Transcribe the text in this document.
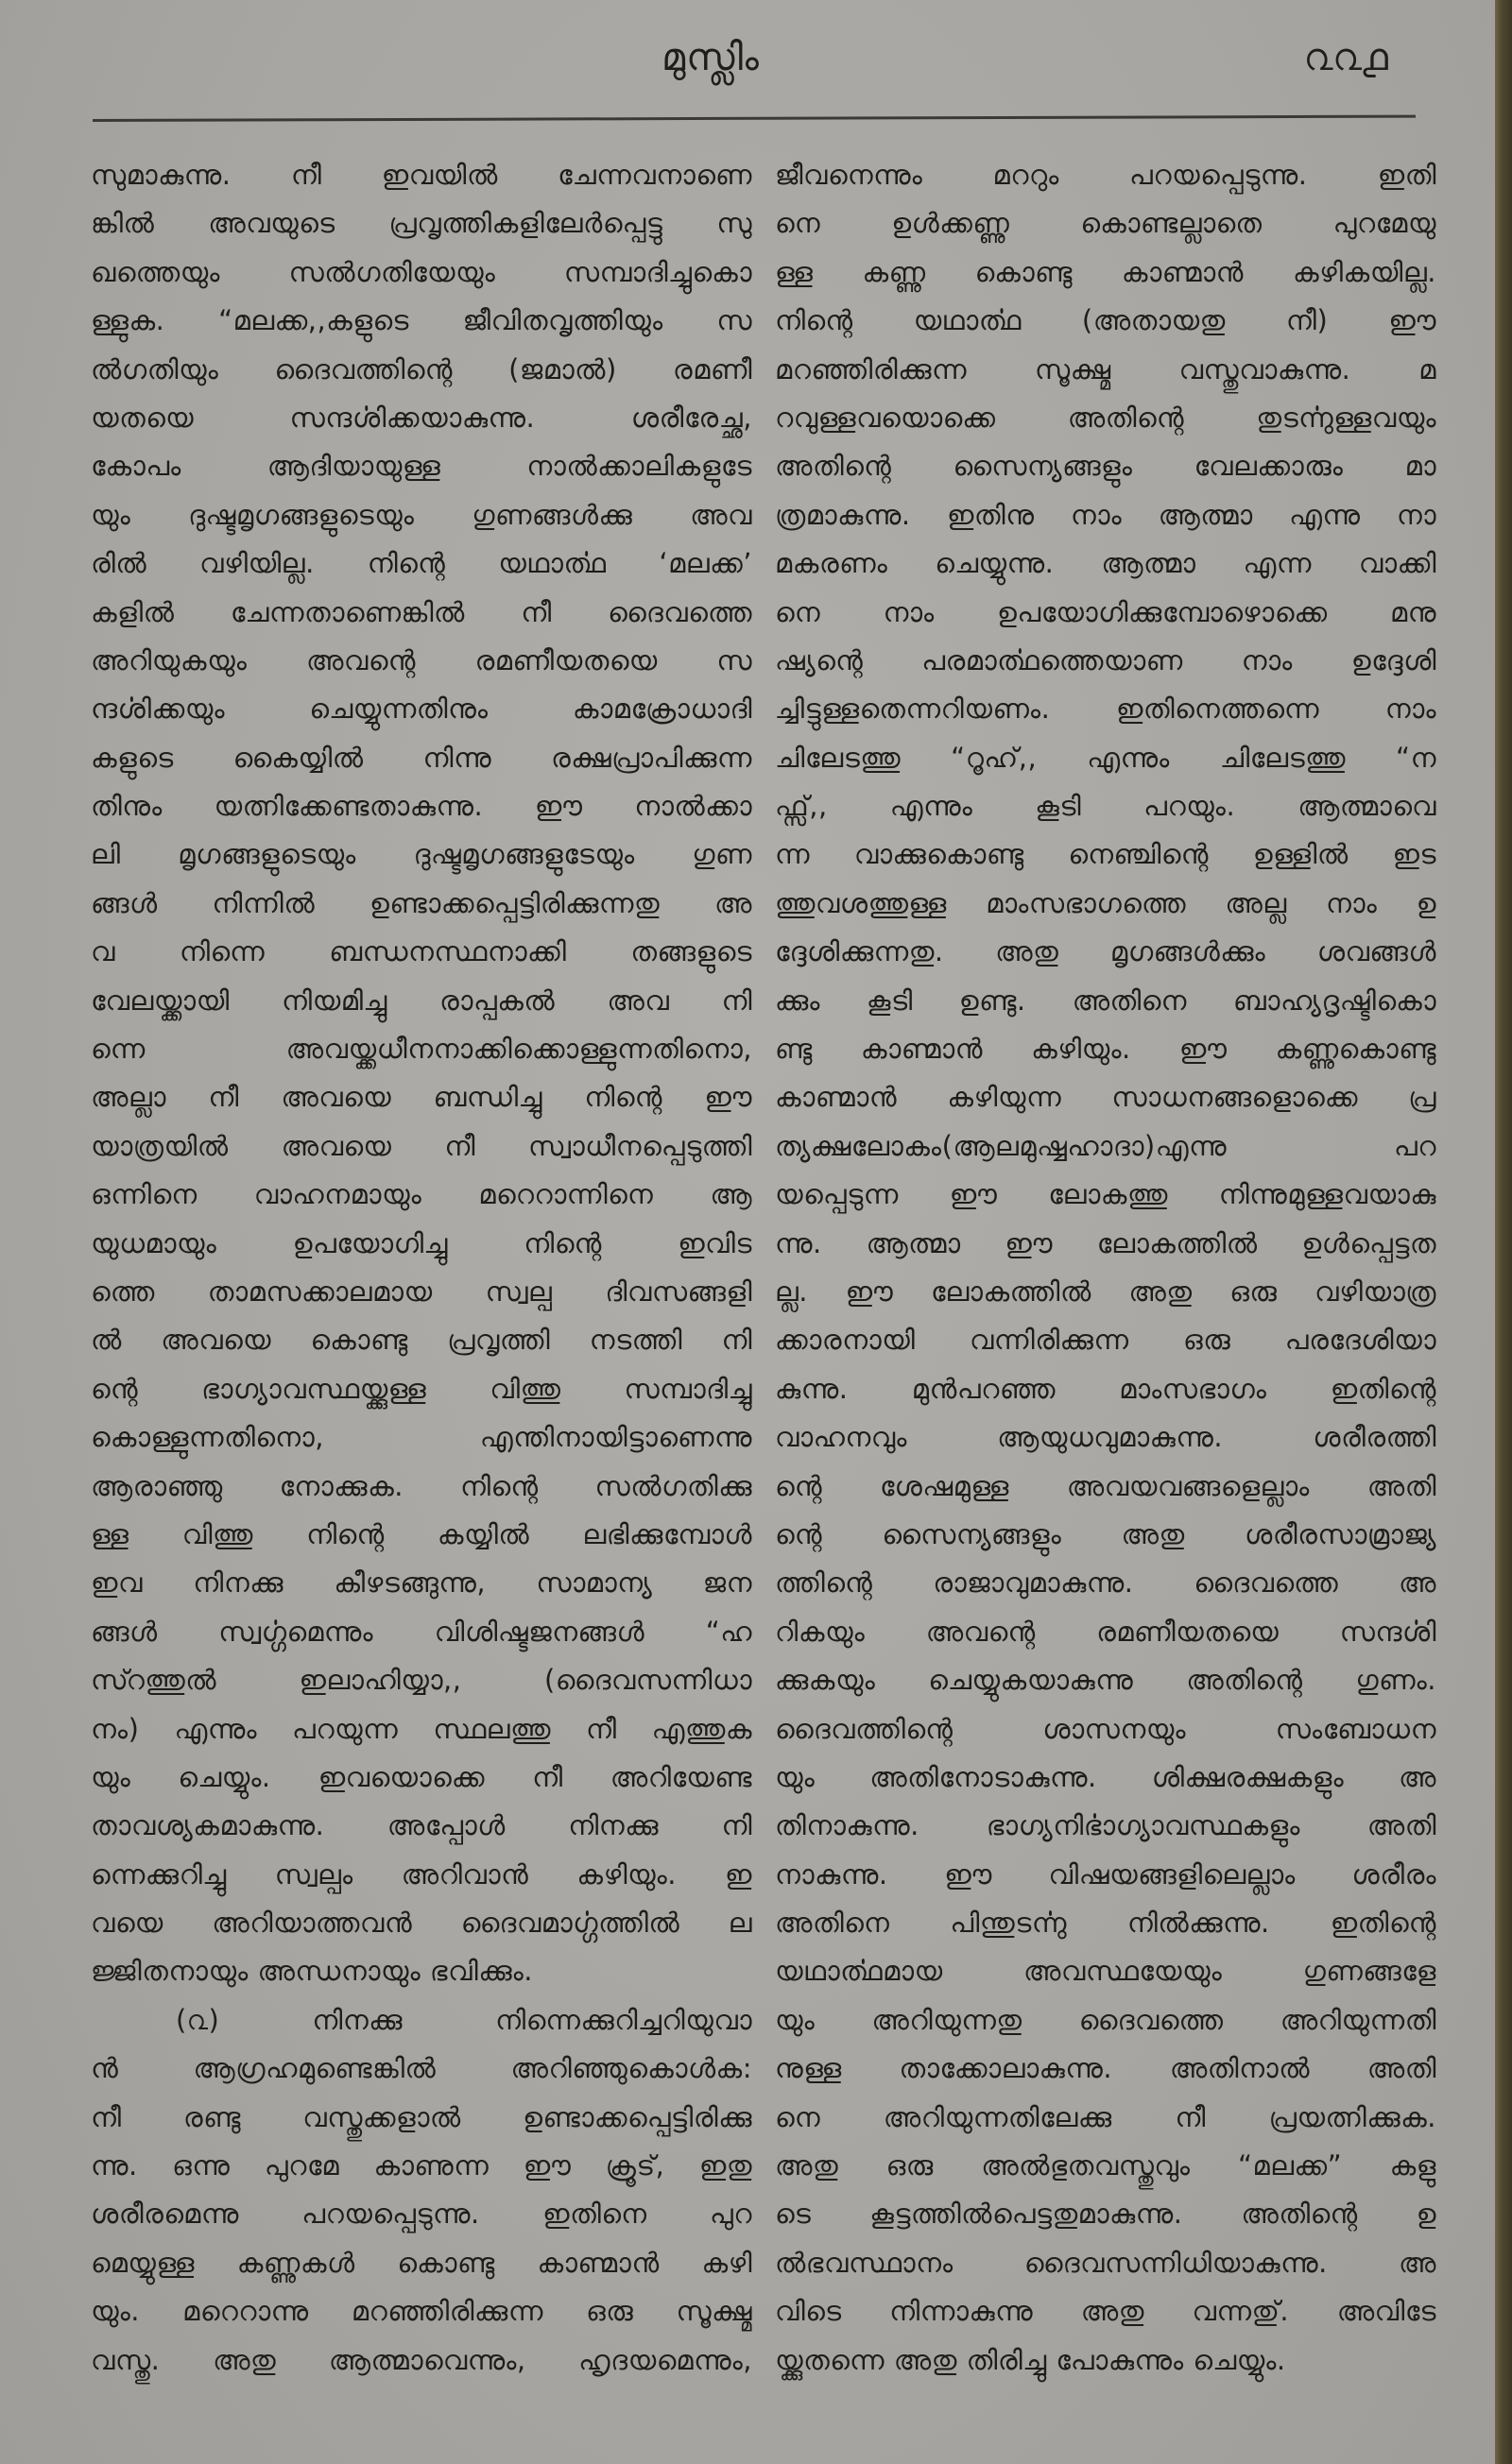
മുസ്ലിം	൨൨൧
സുമാകുന്നു. നീ ഇവയിൽ ചേന്നവനാണെ
ങ്കിൽ അവയുടെ പ്രവൃത്തികളിലേർപ്പെട്ടു സു
ഖത്തെയും സൽഗതിയേയും സമ്പാദിച്ചുകൊ
ള്ളുക. “മലക്ക,,കളുടെ ജീവിതവൃത്തിയും സ
ൽഗതിയും ദൈവത്തിന്റെ (ജമാൽ) രമണീ
യതയെ സന്ദൎശിക്കയാകുന്നു. ശരീരേച്ഛ,
കോപം ആദിയായുള്ള നാൽക്കാലികളുടേ
യും ദുഷ്ടമൃഗങ്ങളുടെയും ഗുണങ്ങൾക്കു അവ
രിൽ വഴിയില്ല. നിന്റെ യഥാൎത്ഥ ‘മലക്ക’
കളിൽ ചേന്നതാണെങ്കിൽ നീ ദൈവത്തെ
അറിയുകയും അവന്റെ രമണീയതയെ സ
ന്ദൎശിക്കയും ചെയ്യുന്നതിനും കാമക്രോധാദി
കളുടെ കൈയ്യിൽ നിന്നു രക്ഷപ്രാപിക്കുന്ന
തിനും യത്നിക്കേണ്ടതാകുന്നു. ഈ നാൽക്കാ
ലി മൃഗങ്ങളുടെയും ദുഷ്ടമൃഗങ്ങളുടേയും ഗുണ
ങ്ങൾ നിന്നിൽ ഉണ്ടാക്കപ്പെട്ടിരിക്കുന്നതു അ
വ നിന്നെ ബന്ധനസ്ഥനാക്കി തങ്ങളുടെ
വേലയ്ക്കായി നിയമിച്ചു രാപ്പകൽ അവ നി
ന്നെ അവയ്ക്കധീനനാക്കിക്കൊള്ളുന്നതിനൊ,
അല്ലാ നീ അവയെ ബന്ധിച്ചു നിന്റെ ഈ
യാത്രയിൽ അവയെ നീ സ്വാധീനപ്പെടുത്തി
ഒന്നിനെ വാഹനമായും മറെറാന്നിനെ ആ
യുധമായും ഉപയോഗിച്ചു നിന്റെ ഇവിട
ത്തെ താമസക്കാലമായ സ്വല്പ ദിവസങ്ങളി
ൽ അവയെ കൊണ്ടു പ്രവൃത്തി നടത്തി നി
ന്റെ ഭാഗ്യാവസ്ഥയ്ക്കുള്ള വിത്തു സമ്പാദിച്ചു
കൊള്ളുന്നതിനൊ, എന്തിനായിട്ടാണെന്നു
ആരാഞ്ഞു നോക്കുക. നിന്റെ സൽഗതിക്കു
ള്ള വിത്തു നിന്റെ കയ്യിൽ ലഭിക്കുമ്പോൾ
ഇവ നിനക്കു കീഴടങ്ങുന്നു, സാമാന്യ ജന
ങ്ങൾ സ്വൎഗ്ഗമെന്നും വിശിഷ്ടജനങ്ങൾ “ഹ
സ്റത്തുൽ ഇലാഹിയ്യാ,, (ദൈവസന്നിധാ
നം) എന്നും പറയുന്ന സ്ഥലത്തു നീ എത്തുക
യും ചെയ്യും. ഇവയൊക്കെ നീ അറിയേണ്ട
താവശ്യകമാകുന്നു. അപ്പോൾ നിനക്കു നി
ന്നെക്കുറിച്ചു സ്വല്പം അറിവാൻ കഴിയും. ഇ
വയെ അറിയാത്തവൻ ദൈവമാൎഗ്ഗത്തിൽ ല
ജ്ജിതനായും അന്ധനായും ഭവിക്കും.
(൨) നിനക്കു നിന്നെക്കുറിച്ചറിയുവാ
ൻ ആഗ്രഹമുണ്ടെങ്കിൽ അറിഞ്ഞുകൊൾക:
നീ രണ്ടു വസ്തുക്കളാൽ ഉണ്ടാക്കപ്പെട്ടിരിക്കു
ന്നു. ഒന്നു പുറമേ കാണുന്ന ഈ ക്രൂട്, ഇതു
ശരീരമെന്നു പറയപ്പെടുന്നു. ഇതിനെ പുറ
മെയ്യുള്ള കണ്ണുകൾ കൊണ്ടു കാണ്മാൻ കഴി
യും. മറെറാന്നു മറഞ്ഞിരിക്കുന്ന ഒരു സൂക്ഷ്മ
വസ്തു. അതു ആത്മാവെന്നും, ഹൃദയമെന്നും,
ജീവനെന്നും മററും പറയപ്പെടുന്നു. ഇതി
നെ ഉൾക്കണ്ണു കൊണ്ടല്ലാതെ പുറമേയു
ള്ള കണ്ണു കൊണ്ടു കാണ്മാൻ കഴികയില്ല.
നിന്റെ യഥാൎത്ഥ (അതായതു നീ) ഈ
മറഞ്ഞിരിക്കുന്ന സൂക്ഷ്മ വസ്തുവാകുന്നു. മ
റവുള്ളവയൊക്കെ അതിന്റെ തുടൎന്നുള്ളവയും
അതിന്റെ സൈന്യങ്ങളും വേലക്കാരും മാ
ത്രമാകുന്നു. ഇതിനു നാം ആത്മാ എന്നു നാ
മകരണം ചെയ്യുന്നു. ആത്മാ എന്ന വാക്കി
നെ നാം ഉപയോഗിക്കുമ്പോഴൊക്കെ മനു
ഷ്യന്റെ പരമാൎത്ഥത്തെയാണ നാം ഉദ്ദേശി
ച്ചിട്ടുള്ളതെന്നറിയണം. ഇതിനെത്തന്നെ നാം
ചിലേടത്തു “റൂഹ്,, എന്നും ചിലേടത്തു “ന
ഫ്സ്,, എന്നും കൂടി പറയും. ആത്മാവെ
ന്ന വാക്കുകൊണ്ടു നെഞ്ചിന്റെ ഉള്ളിൽ ഇട
ത്തുവശത്തുള്ള മാംസഭാഗത്തെ അല്ല നാം ഉ
ദ്ദേശിക്കുന്നതു. അതു മൃഗങ്ങൾക്കും ശവങ്ങൾ
ക്കും കൂടി ഉണ്ടു. അതിനെ ബാഹ്യദൃഷ്ടികൊ
ണ്ടു കാണ്മാൻ കഴിയും. ഈ കണ്ണുകൊണ്ടു
കാണ്മാൻ കഴിയുന്ന സാധനങ്ങളൊക്കെ പ്ര
ത്യക്ഷലോകം(ആലമുഷ്ഷഹാദാ)എന്നു പറ
യപ്പെടുന്ന ഈ ലോകത്തു നിന്നുമുള്ളവയാകു
ന്നു. ആത്മാ ഈ ലോകത്തിൽ ഉൾപ്പെട്ടത
ല്ല. ഈ ലോകത്തിൽ അതു ഒരു വഴിയാത്ര
ക്കാരനായി വന്നിരിക്കുന്ന ഒരു പരദേശിയാ
കുന്നു. മുൻപറഞ്ഞ മാംസഭാഗം ഇതിന്റെ
വാഹനവും ആയുധവുമാകുന്നു. ശരീരത്തി
ന്റെ ശേഷമുള്ള അവയവങ്ങളെല്ലാം അതി
ന്റെ സൈന്യങ്ങളും അതു ശരീരസാമ്രാജ്യ
ത്തിന്റെ രാജാവുമാകുന്നു. ദൈവത്തെ അ
റികയും അവന്റെ രമണീയതയെ സന്ദൎശി
ക്കുകയും ചെയ്യുകയാകുന്നു അതിന്റെ ഗുണം.
ദൈവത്തിന്റെ ശാസനയും സംബോധന
യും അതിനോടാകുന്നു. ശിക്ഷരക്ഷകളും അ
തിനാകുന്നു. ഭാഗ്യനിൎഭാഗ്യാവസ്ഥകളും അതി
നാകുന്നു. ഈ വിഷയങ്ങളിലെല്ലാം ശരീരം
അതിനെ പിന്തുടൎന്നു നിൽക്കുന്നു. ഇതിന്റെ
യഥാൎത്ഥമായ അവസ്ഥയേയും ഗുണങ്ങളേ
യും അറിയുന്നതു ദൈവത്തെ അറിയുന്നതി
നുള്ള താക്കോലാകുന്നു. അതിനാൽ അതി
നെ അറിയുന്നതിലേക്കു നീ പ്രയത്നിക്കുക.
അതു ഒരു അൽഭുതവസ്തുവും “മലക്ക” കളു
ടെ കൂട്ടത്തിൽപെട്ടതുമാകുന്നു. അതിന്റെ ഉ
ൽഭവസ്ഥാനം ദൈവസന്നിധിയാകുന്നു. അ
വിടെ നിന്നാകുന്നു അതു വന്നതു്. അവിടേ
യ്ക്കുതന്നെ അതു തിരിച്ചു പോകുന്നും ചെയ്യും.
